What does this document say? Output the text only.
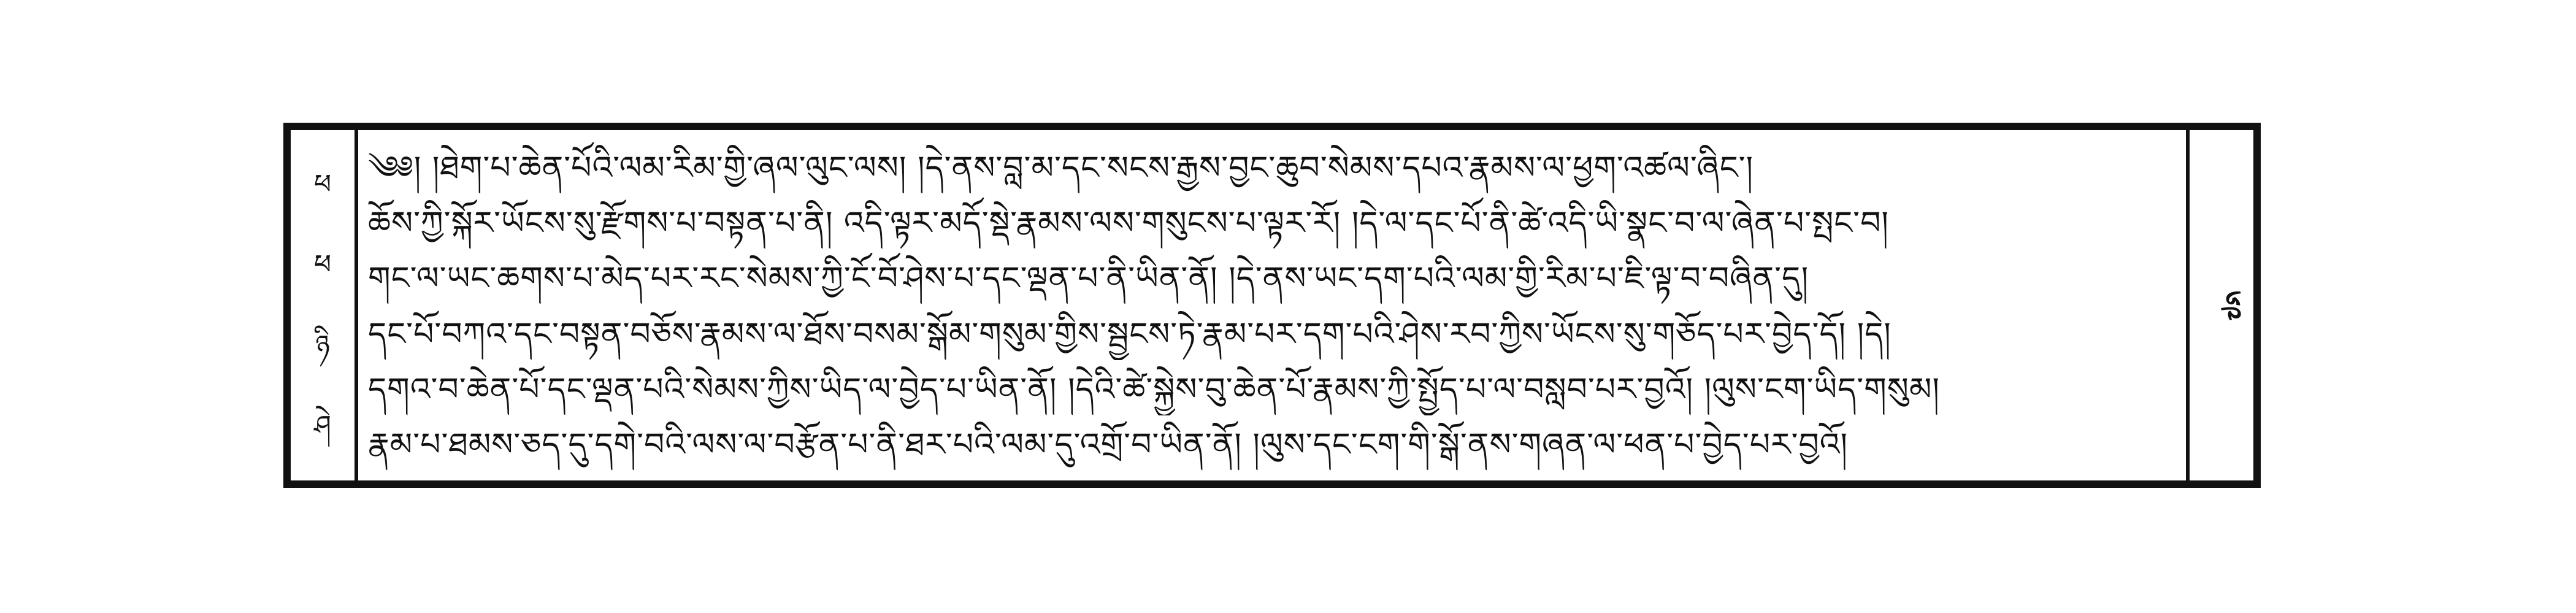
ཕ
ཕ
ཉི
ཤེ
༄༅། །ཐེག་པ་ཆེན་པོའི་ལམ་རིམ་གྱི་ཞལ་ལུང་ལས། །དེ་ནས་བླ་མ་དང་སངས་རྒྱས་བྱང་ཆུབ་སེམས་དཔའ་རྣམས་ལ་ཕྱག་འཚལ་ཞིང་།
ཆོས་ཀྱི་སྐོར་ཡོངས་སུ་རྫོགས་པ་བསྟན་པ་ནི། འདི་ལྟར་མདོ་སྡེ་རྣམས་ལས་གསུངས་པ་ལྟར་རོ། །དེ་ལ་དང་པོ་ནི་ཚེ་འདི་ཡི་སྣང་བ་ལ་ཞེན་པ་སྤང་བ།
གང་ལ་ཡང་ཆགས་པ་མེད་པར་རང་སེམས་ཀྱི་ངོ་བོ་ཤེས་པ་དང་ལྡན་པ་ནི་ཡིན་ནོ། །དེ་ནས་ཡང་དག་པའི་ལམ་གྱི་རིམ་པ་ཇི་ལྟ་བ་བཞིན་དུ།
དང་པོ་བཀའ་དང་བསྟན་བཅོས་རྣམས་ལ་ཐོས་བསམ་སྒོམ་གསུམ་གྱིས་སྦྱངས་ཏེ་རྣམ་པར་དག་པའི་ཤེས་རབ་ཀྱིས་ཡོངས་སུ་གཅོད་པར་བྱེད་དོ། །དེ།
དགའ་བ་ཆེན་པོ་དང་ལྡན་པའི་སེམས་ཀྱིས་ཡིད་ལ་བྱེད་པ་ཡིན་ནོ། །དེའི་ཚེ་སྐྱེས་བུ་ཆེན་པོ་རྣམས་ཀྱི་སྤྱོད་པ་ལ་བསླབ་པར་བྱའོ། །ལུས་ངག་ཡིད་གསུམ།
རྣམ་པ་ཐམས་ཅད་དུ་དགེ་བའི་ལས་ལ་བརྩོན་པ་ནི་ཐར་པའི་ལམ་དུ་འགྲོ་བ་ཡིན་ནོ། །ལུས་དང་ངག་གི་སྒོ་ནས་གཞན་ལ་ཕན་པ་བྱེད་པར་བྱའོ།
༦༩
